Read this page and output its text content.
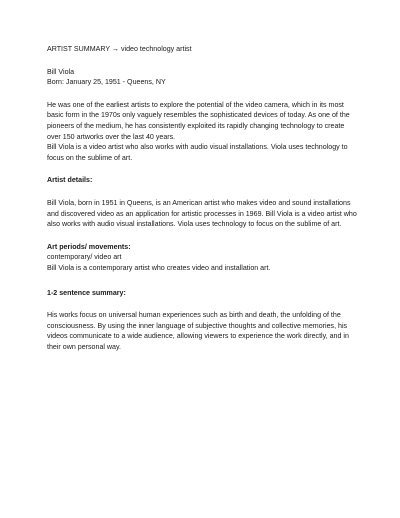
ARTIST SUMMARY → video technology artist
Bill Viola
Born: January 25, 1951 - Queens, NY

He was one of the earliest artists to explore the potential of the video camera, which in its most basic form in the 1970s only vaguely resembles the sophisticated devices of today. As one of the pioneers of the medium, he has consistently exploited its rapidly changing technology to create over 150 artworks over the last 40 years.

Bill Viola is a video artist who also works with audio visual installations. Viola uses technology to focus on the sublime of art.

Artist details:

Bill Viola, born in 1951 in Queens, is an American artist who makes video and sound installations and discovered video as an application for artistic processes in 1969. Bill Viola is a video artist who also works with audio visual installations. Viola uses technology to focus on the sublime of art.

Art periods/ movements:
contemporary/ video art
Bill Viola is a contemporary artist who creates video and installation art.
1-2 sentence summary:

His works focus on universal human experiences such as birth and death, the unfolding of the consciousness. By using the inner language of subjective thoughts and collective memories, his videos communicate to a wide audience, allowing viewers to experience the work directly, and in their own personal way.
